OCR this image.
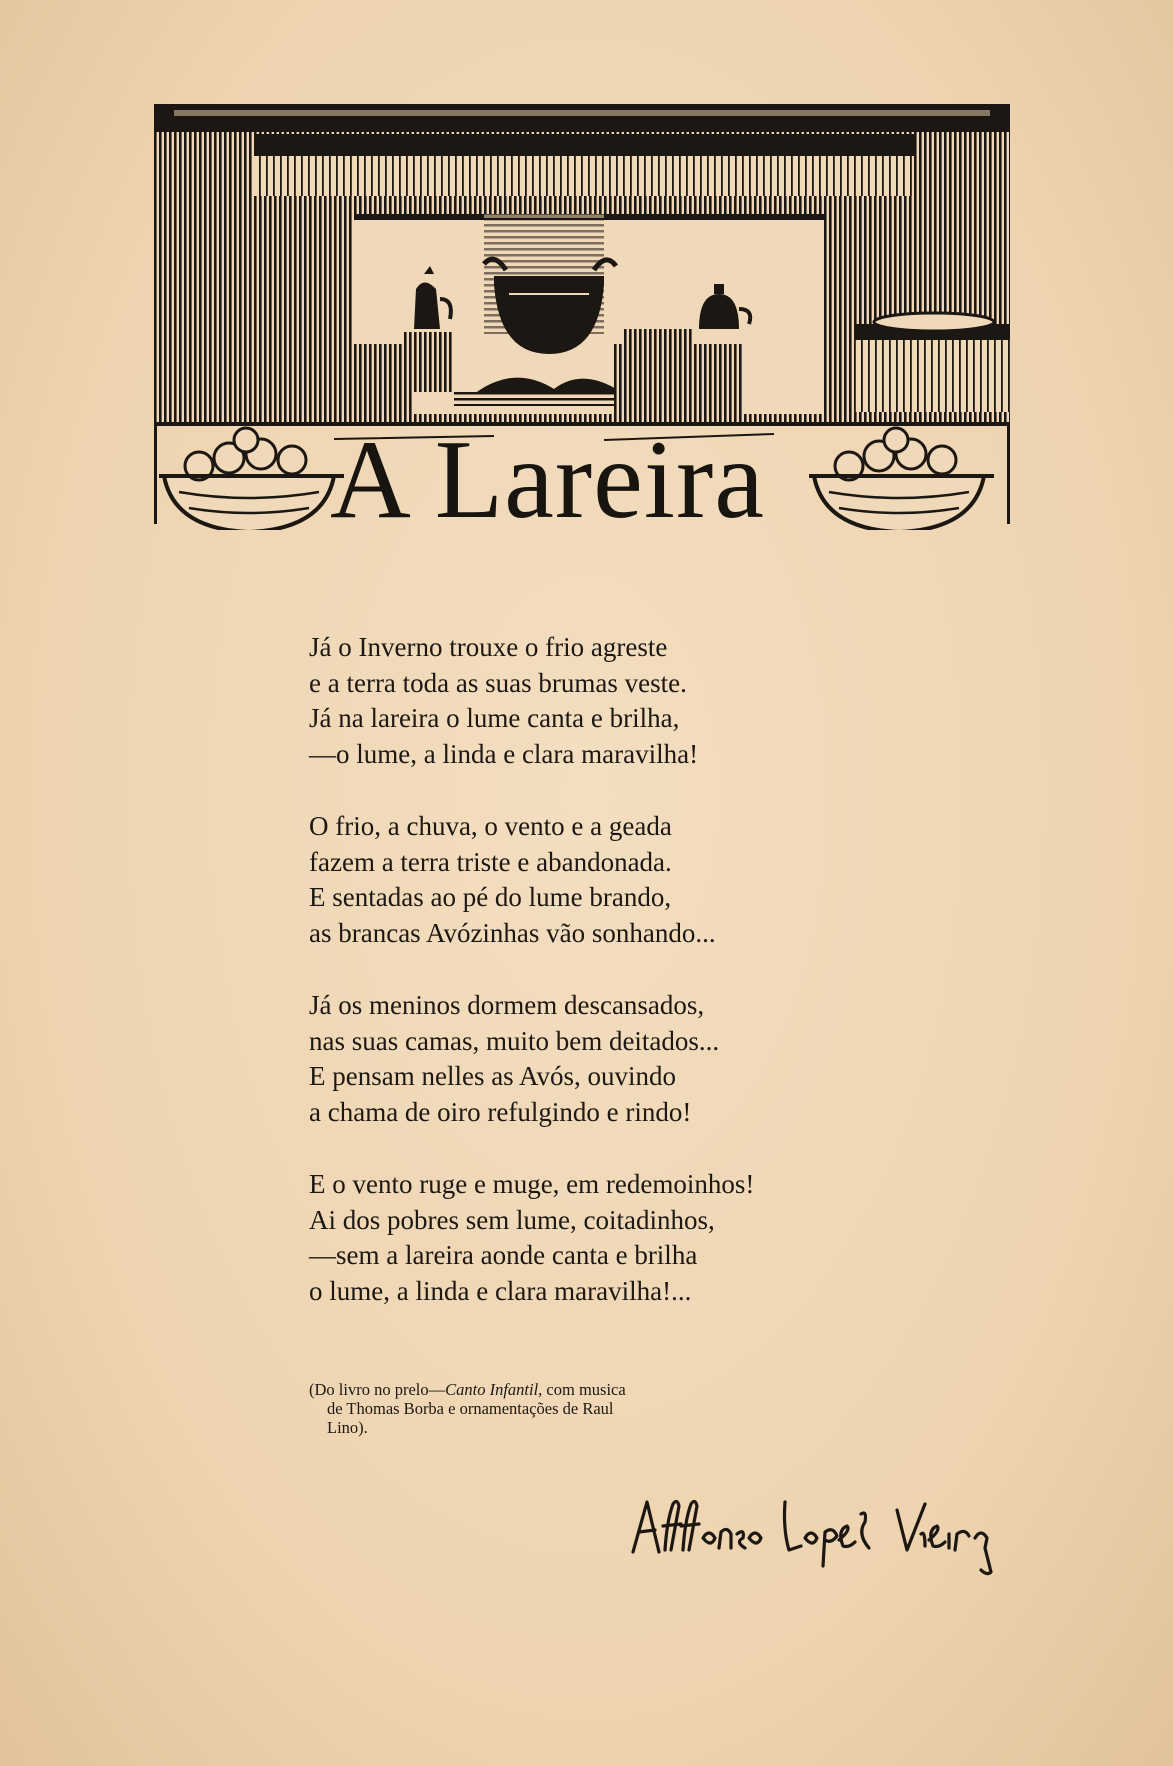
A Lareira
Já o Inverno trouxe o frio agreste
e a terra toda as suas brumas veste.
Já na lareira o lume canta e brilha,
—o lume, a linda e clara maravilha!
O frio, a chuva, o vento e a geada
fazem a terra triste e abandonada.
E sentadas ao pé do lume brando,
as brancas Avózinhas vão sonhando...
Já os meninos dormem descansados,
nas suas camas, muito bem deitados...
E pensam nelles as Avós, ouvindo
a chama de oiro refulgindo e rindo!
E o vento ruge e muge, em redemoinhos!
Ai dos pobres sem lume, coitadinhos,
—sem a lareira aonde canta e brilha
o lume, a linda e clara maravilha!...
(Do livro no prelo—Canto Infantil, com musica
de Thomas Borba e ornamentações de Raul
Lino).
